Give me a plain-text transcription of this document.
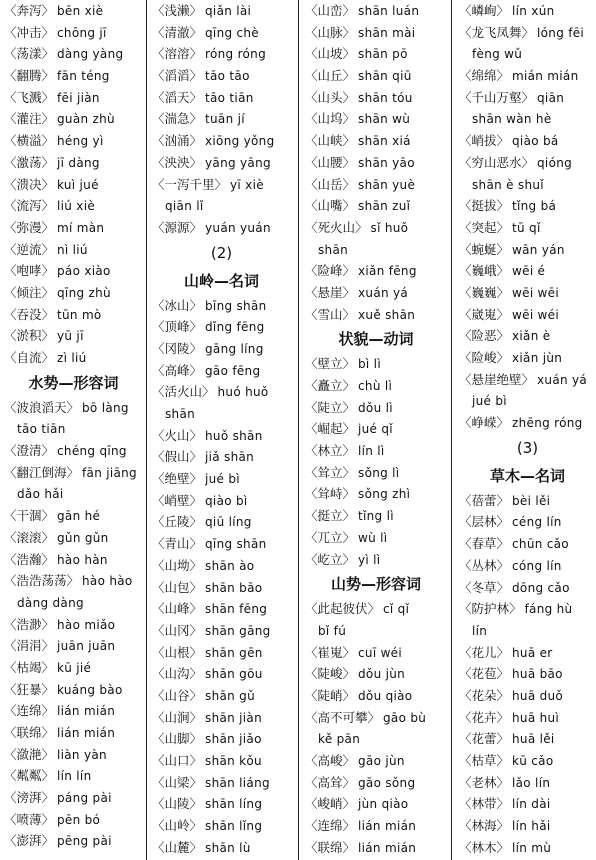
〈奔泻〉 bēn xiè
〈冲击〉 chōng jī
〈荡漾〉 dàng yàng
〈翻腾〉 fān téng
〈飞溅〉 fēi jiàn
〈灌注〉 guàn zhù
〈横溢〉 héng yì
〈激荡〉 jī dàng
〈溃决〉 kuì jué
〈流泻〉 liú xiè
〈弥漫〉 mí màn
〈逆流〉 nì liú
〈咆哮〉 páo xiào
〈倾注〉 qīng zhù
〈吞没〉 tūn mò
〈淤积〉 yū jī
〈自流〉 zì liú
水势—形容词
〈波浪滔天〉 bō làng
tāo tiān
〈澄清〉 chéng qīng
〈翻江倒海〉 fān jiāng
dǎo hǎi
〈干涸〉 gān hé
〈滚滚〉 gǔn gǔn
〈浩瀚〉 hào hàn
〈浩浩荡荡〉 hào hào
dàng dàng
〈浩渺〉 hào miǎo
〈涓涓〉 juān juān
〈枯竭〉 kū jié
〈狂暴〉 kuáng bào
〈连绵〉 lián mián
〈联绵〉 lián mián
〈潋滟〉 liàn yàn
〈粼粼〉 lín lín
〈滂湃〉 páng pài
〈喷薄〉 pēn bó
〈澎湃〉 pēng pài
〈浅濑〉 qiǎn lài
〈清澈〉 qīng chè
〈溶溶〉 róng róng
〈滔滔〉 tāo tāo
〈滔天〉 tāo tiān
〈湍急〉 tuān jí
〈汹涌〉 xiōng yǒng
〈泱泱〉 yāng yāng
〈一泻千里〉 yī xiè
qiān lǐ
〈源源〉 yuán yuán
(2)
山岭—名词
〈冰山〉 bīng shān
〈顶峰〉 dǐng fēng
〈冈陵〉 gāng líng
〈高峰〉 gāo fēng
〈活火山〉 huó huǒ
shān
〈火山〉 huǒ shān
〈假山〉 jiǎ shān
〈绝壁〉 jué bì
〈峭壁〉 qiào bì
〈丘陵〉 qiū líng
〈青山〉 qīng shān
〈山坳〉 shān ào
〈山包〉 shān bāo
〈山峰〉 shān fēng
〈山冈〉 shān gāng
〈山根〉 shān gēn
〈山沟〉 shān gōu
〈山谷〉 shān gǔ
〈山涧〉 shān jiàn
〈山脚〉 shān jiǎo
〈山口〉 shān kǒu
〈山梁〉 shān liáng
〈山陵〉 shān líng
〈山岭〉 shān lǐng
〈山麓〉 shān lù
〈山峦〉 shān luán
〈山脉〉 shān mài
〈山坡〉 shān pō
〈山丘〉 shān qiū
〈山头〉 shān tóu
〈山坞〉 shān wù
〈山峡〉 shān xiá
〈山腰〉 shān yāo
〈山岳〉 shān yuè
〈山嘴〉 shān zuǐ
〈死火山〉 sǐ huǒ
shān
〈险峰〉 xiǎn fēng
〈悬崖〉 xuán yá
〈雪山〉 xuě shān
状貌—动词
〈壁立〉 bì lì
〈矗立〉 chù lì
〈陡立〉 dǒu lì
〈崛起〉 jué qǐ
〈林立〉 lín lì
〈耸立〉 sǒng lì
〈耸峙〉 sǒng zhì
〈挺立〉 tǐng lì
〈兀立〉 wù lì
〈屹立〉 yì lì
山势—形容词
〈此起彼伏〉 cǐ qǐ
bǐ fú
〈崔嵬〉 cuī wéi
〈陡峻〉 dǒu jùn
〈陡峭〉 dǒu qiào
〈高不可攀〉 gāo bù
kě pān
〈高峻〉 gāo jùn
〈高耸〉 gāo sǒng
〈峻峭〉 jùn qiào
〈连绵〉 lián mián
〈联绵〉 lián mián
〈嶙峋〉 lín xún
〈龙飞凤舞〉 lóng fēi
fèng wǔ
〈绵绵〉 mián mián
〈千山万壑〉 qiān
shān wàn hè
〈峭拔〉 qiào bá
〈穷山恶水〉 qióng
shān è shuǐ
〈挺拔〉 tǐng bá
〈突起〉 tū qǐ
〈蜿蜒〉 wān yán
〈巍峨〉 wēi é
〈巍巍〉 wēi wēi
〈崴嵬〉 wēi wéi
〈险恶〉 xiǎn è
〈险峻〉 xiǎn jùn
〈悬崖绝壁〉 xuán yá
jué bì
〈峥嵘〉 zhēng róng
(3)
草木—名词
〈蓓蕾〉 bèi lěi
〈层林〉 céng lín
〈春草〉 chūn cǎo
〈丛林〉 cóng lín
〈冬草〉 dōng cǎo
〈防护林〉 fáng hù
lín
〈花儿〉 huā er
〈花苞〉 huā bāo
〈花朵〉 huā duǒ
〈花卉〉 huā huì
〈花蕾〉 huā lěi
〈枯草〉 kū cǎo
〈老林〉 lǎo lín
〈林带〉 lín dài
〈林海〉 lín hǎi
〈林木〉 lín mù
